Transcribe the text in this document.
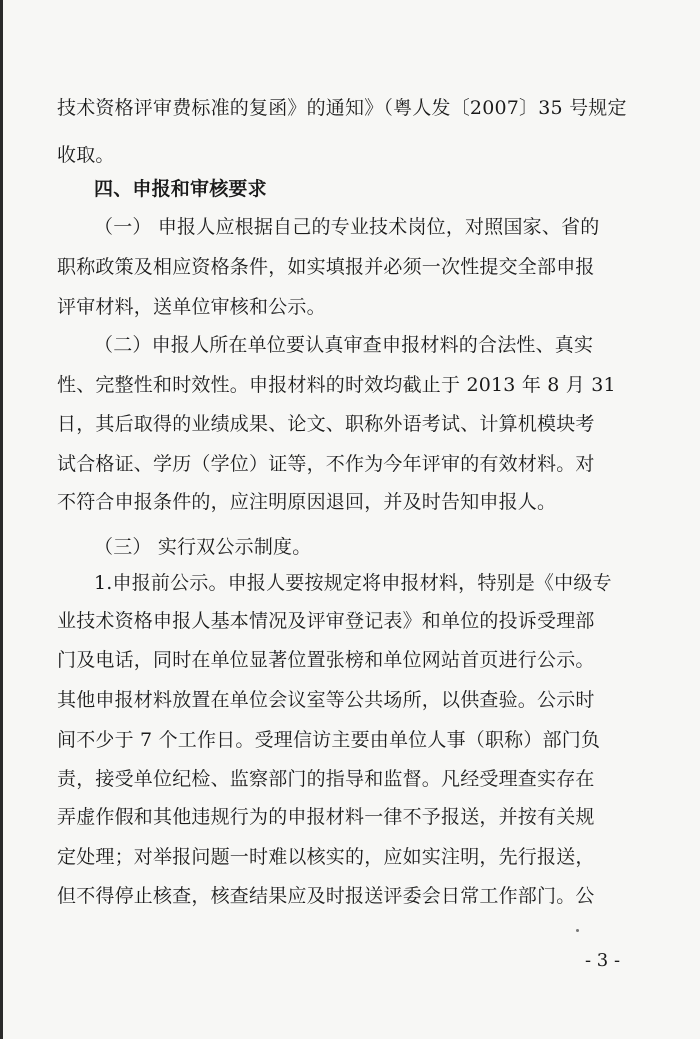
技术资格评审费标准的复函》的通知》（粤人发〔2007〕35 号规定
收取。
四、申报和审核要求
（一） 申报人应根据自己的专业技术岗位，对照国家、省的
职称政策及相应资格条件，如实填报并必须一次性提交全部申报
评审材料，送单位审核和公示。
（二）申报人所在单位要认真审查申报材料的合法性、真实
性、完整性和时效性。申报材料的时效均截止于 2013 年 8 月 31
日，其后取得的业绩成果、论文、职称外语考试、计算机模块考
试合格证、学历（学位）证等，不作为今年评审的有效材料。对
不符合申报条件的，应注明原因退回，并及时告知申报人。
（三） 实行双公示制度。
1.申报前公示。申报人要按规定将申报材料，特别是《中级专
业技术资格申报人基本情况及评审登记表》和单位的投诉受理部
门及电话，同时在单位显著位置张榜和单位网站首页进行公示。
其他申报材料放置在单位会议室等公共场所，以供查验。公示时
间不少于 7 个工作日。受理信访主要由单位人事（职称）部门负
责，接受单位纪检、监察部门的指导和监督。凡经受理查实存在
弄虚作假和其他违规行为的申报材料一律不予报送，并按有关规
定处理；对举报问题一时难以核实的，应如实注明，先行报送，
但不得停止核查，核查结果应及时报送评委会日常工作部门。公
- 3 -
